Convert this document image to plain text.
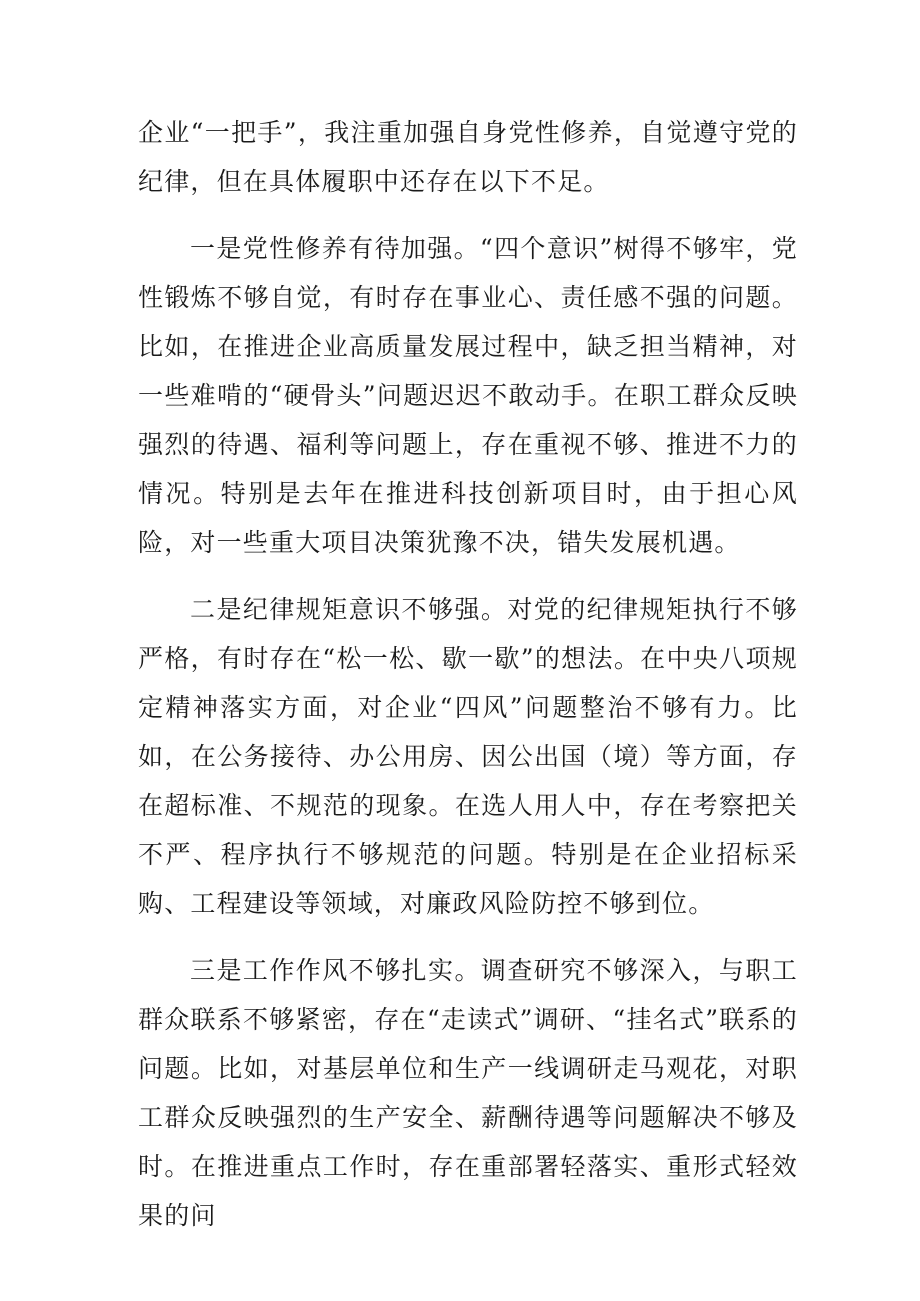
企业“一把手”，我注重加强自身党性修养，自觉遵守党的纪律，但在具体履职中还存在以下不足。

一是党性修养有待加强。“四个意识”树得不够牢，党性锻炼不够自觉，有时存在事业心、责任感不强的问题。比如，在推进企业高质量发展过程中，缺乏担当精神，对一些难啃的“硬骨头”问题迟迟不敢动手。在职工群众反映强烈的待遇、福利等问题上，存在重视不够、推进不力的情况。特别是去年在推进科技创新项目时，由于担心风险，对一些重大项目决策犹豫不决，错失发展机遇。

二是纪律规矩意识不够强。对党的纪律规矩执行不够严格，有时存在“松一松、歇一歇”的想法。在中央八项规定精神落实方面，对企业“四风”问题整治不够有力。比如，在公务接待、办公用房、因公出国（境）等方面，存在超标准、不规范的现象。在选人用人中，存在考察把关不严、程序执行不够规范的问题。特别是在企业招标采购、工程建设等领域，对廉政风险防控不够到位。

三是工作作风不够扎实。调查研究不够深入，与职工群众联系不够紧密，存在“走读式”调研、“挂名式”联系的问题。比如，对基层单位和生产一线调研走马观花，对职工群众反映强烈的生产安全、薪酬待遇等问题解决不够及时。在推进重点工作时，存在重部署轻落实、重形式轻效果的问
